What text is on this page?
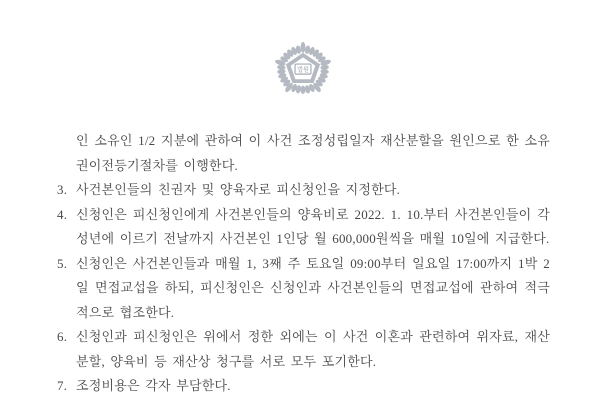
법원
인 소유인 1/2 지분에 관하여 이 사건 조정성립일자 재산분할을 원인으로 한 소유권이전등기절차를 이행한다.
3. 사건본인들의 친권자 및 양육자로 피신청인을 지정한다.
4. 신청인은 피신청인에게 사건본인들의 양육비로 2022. 1. 10.부터 사건본인들이 각 성년에 이르기 전날까지 사건본인 1인당 월 600,000원씩을 매월 10일에 지급한다.
5. 신청인은 사건본인들과 매월 1, 3째 주 토요일 09:00부터 일요일 17:00까지 1박 2일 면접교섭을 하되, 피신청인은 신청인과 사건본인들의 면접교섭에 관하여 적극적으로 협조한다.
6. 신청인과 피신청인은 위에서 정한 외에는 이 사건 이혼과 관련하여 위자료, 재산분할, 양육비 등 재산상 청구를 서로 모두 포기한다.
7. 조정비용은 각자 부담한다.
